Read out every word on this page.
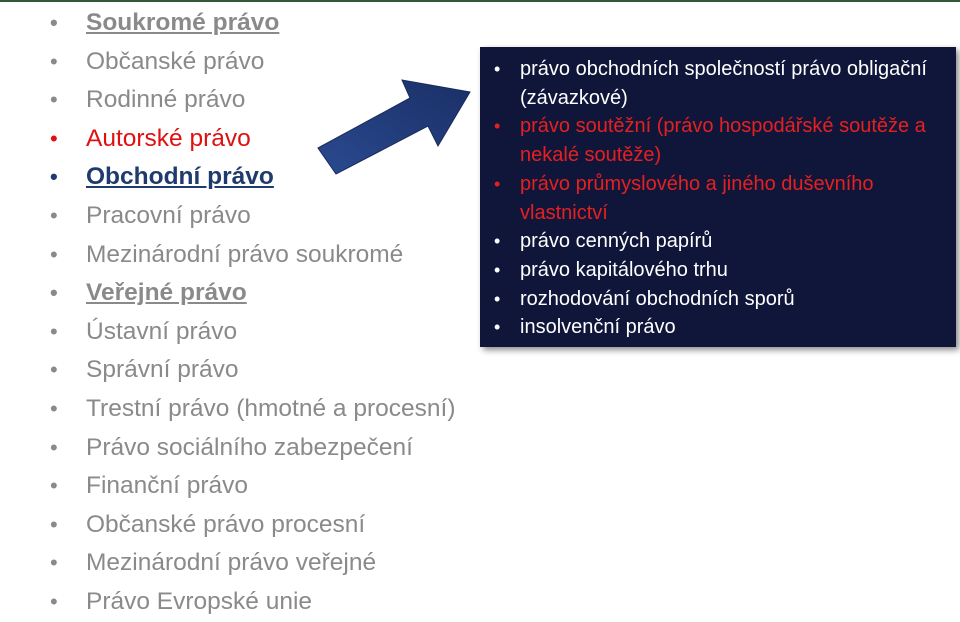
• Soukromé právo
• Občanské právo
• Rodinné právo
• Autorské právo
• Obchodní právo
• Pracovní právo
• Mezinárodní právo soukromé
• Veřejné právo
• Ústavní právo
• Správní právo
• Trestní právo (hmotné a procesní)
• Právo sociálního zabezpečení
• Finanční právo
• Občanské právo procesní
• Mezinárodní právo veřejné
• Právo Evropské unie
• právo obchodních společností právo obligační (závazkové)
• právo soutěžní (právo hospodářské soutěže a nekalé soutěže)
• právo průmyslového a jiného duševního vlastnictví
• právo cenných papírů
• právo kapitálového trhu
• rozhodování obchodních sporů
• insolvenční právo
